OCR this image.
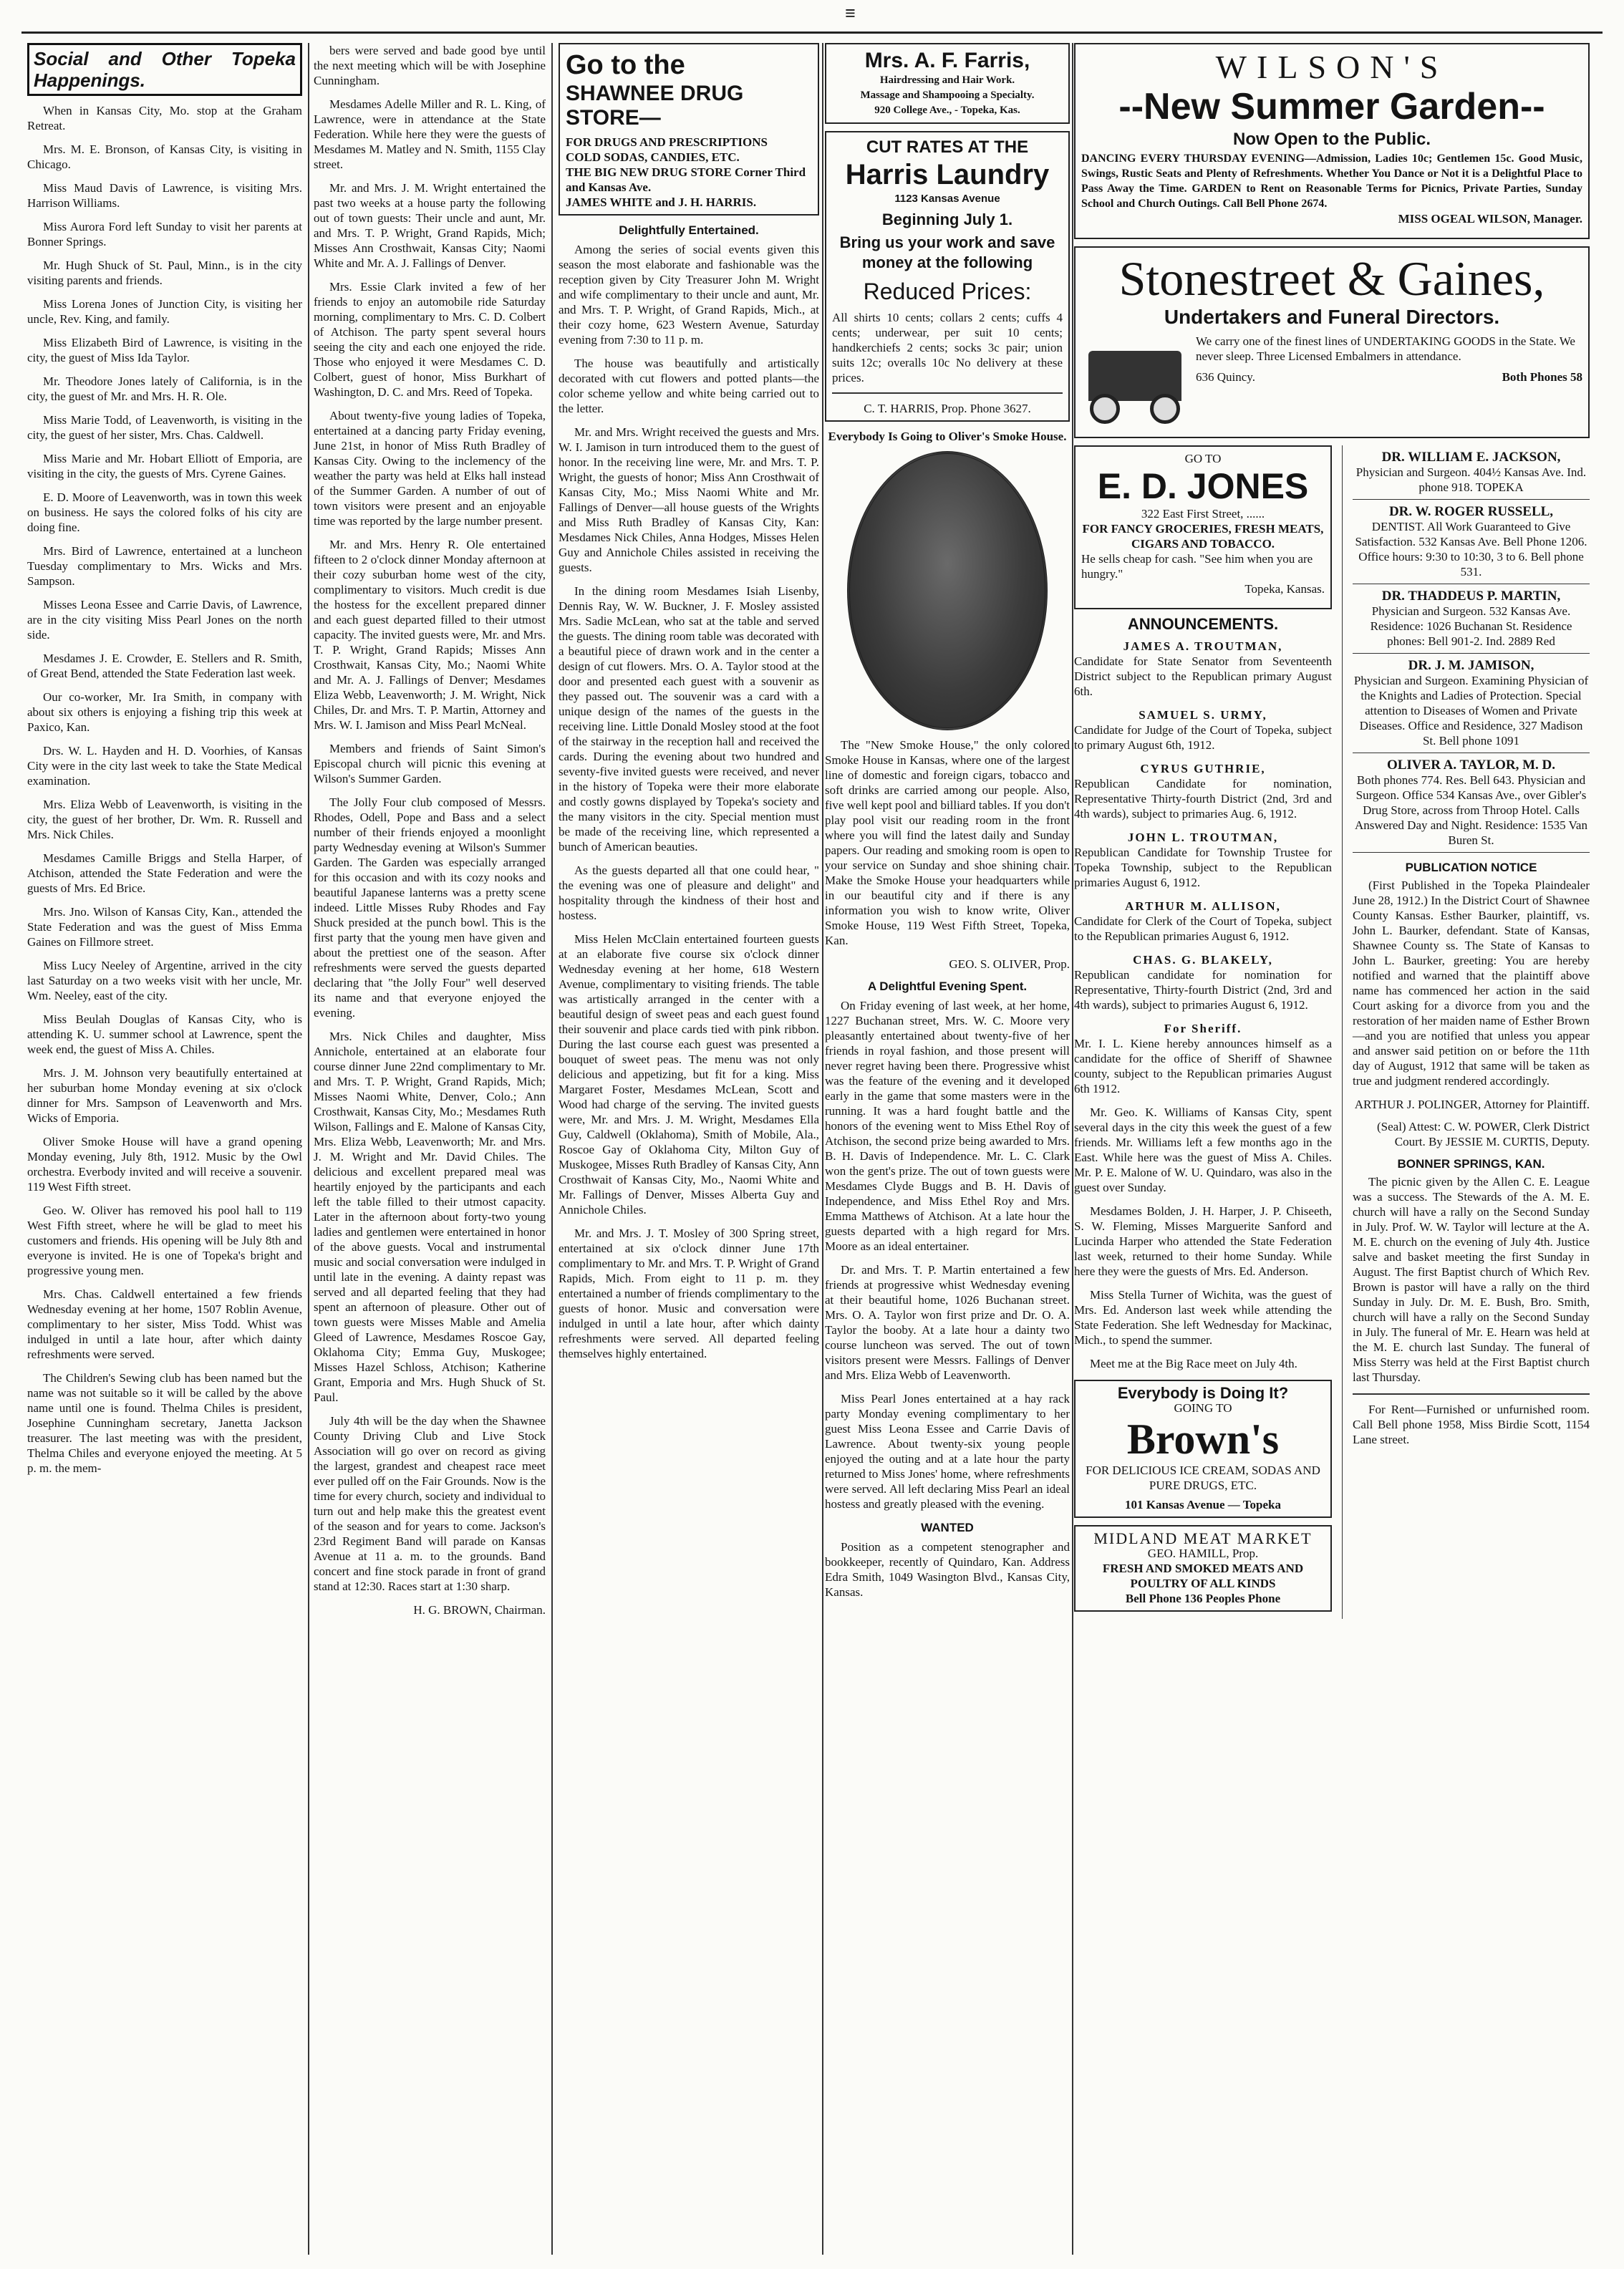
≡
Social and Other Topeka Happenings.

When in Kansas City, Mo. stop at the Graham Retreat.

Mrs. M. E. Bronson, of Kansas City, is visiting in Chicago.

Miss Maud Davis of Lawrence, is visiting Mrs. Harrison Williams.

Miss Aurora Ford left Sunday to visit her parents at Bonner Springs.

Mr. Hugh Shuck of St. Paul, Minn., is in the city visiting parents and friends.

Miss Lorena Jones of Junction City, is visiting her uncle, Rev. King, and family.

Miss Elizabeth Bird of Lawrence, is visiting in the city, the guest of Miss Ida Taylor.

Mr. Theodore Jones lately of California, is in the city, the guest of Mr. and Mrs. H. R. Ole.

Miss Marie Todd, of Leavenworth, is visiting in the city, the guest of her sister, Mrs. Chas. Caldwell.

Miss Marie and Mr. Hobart Elliott of Emporia, are visiting in the city, the guests of Mrs. Cyrene Gaines.

E. D. Moore of Leavenworth, was in town this week on business. He says the colored folks of his city are doing fine.

Mrs. Bird of Lawrence, entertained at a luncheon Tuesday complimentary to Mrs. Wicks and Mrs. Sampson.

Misses Leona Essee and Carrie Davis, of Lawrence, are in the city visiting Miss Pearl Jones on the north side.

Mesdames J. E. Crowder, E. Stellers and R. Smith, of Great Bend, attended the State Federation last week.

Our co-worker, Mr. Ira Smith, in company with about six others is enjoying a fishing trip this week at Paxico, Kan.

Drs. W. L. Hayden and H. D. Voorhies, of Kansas City were in the city last week to take the State Medical examination.

Mrs. Eliza Webb of Leavenworth, is visiting in the city, the guest of her brother, Dr. Wm. R. Russell and Mrs. Nick Chiles.

Mesdames Camille Briggs and Stella Harper, of Atchison, attended the State Federation and were the guests of Mrs. Ed Brice.

Mrs. Jno. Wilson of Kansas City, Kan., attended the State Federation and was the guest of Miss Emma Gaines on Fillmore street.

Miss Lucy Neeley of Argentine, arrived in the city last Saturday on a two weeks visit with her uncle, Mr. Wm. Neeley, east of the city.

Miss Beulah Douglas of Kansas City, who is attending K. U. summer school at Lawrence, spent the week end, the guest of Miss A. Chiles.

Mrs. J. M. Johnson very beautifully entertained at her suburban home Monday evening at six o'clock dinner for Mrs. Sampson of Leavenworth and Mrs. Wicks of Emporia.

Oliver Smoke House will have a grand opening Monday evening, July 8th, 1912. Music by the Owl orchestra. Everbody invited and will receive a souvenir. 119 West Fifth street.

Geo. W. Oliver has removed his pool hall to 119 West Fifth street, where he will be glad to meet his customers and friends. His opening will be July 8th and everyone is invited. He is one of Topeka's bright and progressive young men.

Mrs. Chas. Caldwell entertained a few friends Wednesday evening at her home, 1507 Roblin Avenue, complimentary to her sister, Miss Todd. Whist was indulged in until a late hour, after which dainty refreshments were served.

The Children's Sewing club has been named but the name was not suitable so it will be called by the above name until one is found. Thelma Chiles is president, Josephine Cunningham secretary, Janetta Jackson treasurer. The last meeting was with the president, Thelma Chiles and everyone enjoyed the meeting. At 5 p. m. the mem-

bers were served and bade good bye until the next meeting which will be with Josephine Cunningham.

Mesdames Adelle Miller and R. L. King, of Lawrence, were in attendance at the State Federation. While here they were the guests of Mesdames M. Matley and N. Smith, 1155 Clay street.

Mr. and Mrs. J. M. Wright entertained the past two weeks at a house party the following out of town guests: Their uncle and aunt, Mr. and Mrs. T. P. Wright, Grand Rapids, Mich; Misses Ann Crosthwait, Kansas City; Naomi White and Mr. A. J. Fallings of Denver.

Mrs. Essie Clark invited a few of her friends to enjoy an automobile ride Saturday morning, complimentary to Mrs. C. D. Colbert of Atchison. The party spent several hours seeing the city and each one enjoyed the ride. Those who enjoyed it were Mesdames C. D. Colbert, guest of honor, Miss Burkhart of Washington, D. C. and Mrs. Reed of Topeka.

About twenty-five young ladies of Topeka, entertained at a dancing party Friday evening, June 21st, in honor of Miss Ruth Bradley of Kansas City. Owing to the inclemency of the weather the party was held at Elks hall instead of the Summer Garden. A number of out of town visitors were present and an enjoyable time was reported by the large number present.

Mr. and Mrs. Henry R. Ole entertained fifteen to 2 o'clock dinner Monday afternoon at their cozy suburban home west of the city, complimentary to visitors. Much credit is due the hostess for the excellent prepared dinner and each guest departed filled to their utmost capacity. The invited guests were, Mr. and Mrs. T. P. Wright, Grand Rapids; Misses Ann Crosthwait, Kansas City, Mo.; Naomi White and Mr. A. J. Fallings of Denver; Mesdames Eliza Webb, Leavenworth; J. M. Wright, Nick Chiles, Dr. and Mrs. T. P. Martin, Attorney and Mrs. W. I. Jamison and Miss Pearl McNeal.

Members and friends of Saint Simon's Episcopal church will picnic this evening at Wilson's Summer Garden.

The Jolly Four club composed of Messrs. Rhodes, Odell, Pope and Bass and a select number of their friends enjoyed a moonlight party Wednesday evening at Wilson's Summer Garden. The Garden was especially arranged for this occasion and with its cozy nooks and beautiful Japanese lanterns was a pretty scene indeed. Little Misses Ruby Rhodes and Fay Shuck presided at the punch bowl. This is the first party that the young men have given and about the prettiest one of the season. After refreshments were served the guests departed declaring that "the Jolly Four" well deserved its name and that everyone enjoyed the evening.

Mrs. Nick Chiles and daughter, Miss Annichole, entertained at an elaborate four course dinner June 22nd complimentary to Mr. and Mrs. T. P. Wright, Grand Rapids, Mich; Misses Naomi White, Denver, Colo.; Ann Crosthwait, Kansas City, Mo.; Mesdames Ruth Wilson, Fallings and E. Malone of Kansas City, Mrs. Eliza Webb, Leavenworth; Mr. and Mrs. J. M. Wright and Mr. David Chiles. The delicious and excellent prepared meal was heartily enjoyed by the participants and each left the table filled to their utmost capacity. Later in the afternoon about forty-two young ladies and gentlemen were entertained in honor of the above guests. Vocal and instrumental music and social conversation were indulged in until late in the evening. A dainty repast was served and all departed feeling that they had spent an afternoon of pleasure. Other out of town guests were Misses Mable and Amelia Gleed of Lawrence, Mesdames Roscoe Gay, Oklahoma City; Emma Guy, Muskogee; Misses Hazel Schloss, Atchison; Katherine Grant, Emporia and Mrs. Hugh Shuck of St. Paul.

July 4th will be the day when the Shawnee County Driving Club and Live Stock Association will go over on record as giving the largest, grandest and cheapest race meet ever pulled off on the Fair Grounds. Now is the time for every church, society and individual to turn out and help make this the greatest event of the season and for years to come. Jackson's 23rd Regiment Band will parade on Kansas Avenue at 11 a. m. to the grounds. Band concert and fine stock parade in front of grand stand at 12:30. Races start at 1:30 sharp.

H. G. BROWN, Chairman.
Go to the
SHAWNEE DRUG STORE—
FOR DRUGS AND PRESCRIPTIONS
COLD SODAS, CANDIES, ETC.
THE BIG NEW DRUG STORE Corner Third and Kansas Ave.
JAMES WHITE and J. H. HARRIS.
Delightfully Entertained.

Among the series of social events given this season the most elaborate and fashionable was the reception given by City Treasurer John M. Wright and wife complimentary to their uncle and aunt, Mr. and Mrs. T. P. Wright, of Grand Rapids, Mich., at their cozy home, 623 Western Avenue, Saturday evening from 7:30 to 11 p. m.

The house was beautifully and artistically decorated with cut flowers and potted plants—the color scheme yellow and white being carried out to the letter.

Mr. and Mrs. Wright received the guests and Mrs. W. I. Jamison in turn introduced them to the guest of honor. In the receiving line were, Mr. and Mrs. T. P. Wright, the guests of honor; Miss Ann Crosthwait of Kansas City, Mo.; Miss Naomi White and Mr. Fallings of Denver—all house guests of the Wrights and Miss Ruth Bradley of Kansas City, Kan: Mesdames Nick Chiles, Anna Hodges, Misses Helen Guy and Annichole Chiles assisted in receiving the guests.

In the dining room Mesdames Isiah Lisenby, Dennis Ray, W. W. Buckner, J. F. Mosley assisted Mrs. Sadie McLean, who sat at the table and served the guests. The dining room table was decorated with a beautiful piece of drawn work and in the center a design of cut flowers. Mrs. O. A. Taylor stood at the door and presented each guest with a souvenir as they passed out. The souvenir was a card with a unique design of the names of the guests in the receiving line. Little Donald Mosley stood at the foot of the stairway in the reception hall and received the cards. During the evening about two hundred and seventy-five invited guests were received, and never in the history of Topeka were their more elaborate and costly gowns displayed by Topeka's society and the many visitors in the city. Special mention must be made of the receiving line, which represented a bunch of American beauties.

As the guests departed all that one could hear, " the evening was one of pleasure and delight" and hospitality through the kindness of their host and hostess.

Miss Helen McClain entertained fourteen guests at an elaborate five course six o'clock dinner Wednesday evening at her home, 618 Western Avenue, complimentary to visiting friends. The table was artistically arranged in the center with a beautiful design of sweet peas and each guest found their souvenir and place cards tied with pink ribbon. During the last course each guest was presented a bouquet of sweet peas. The menu was not only delicious and appetizing, but fit for a king. Miss Margaret Foster, Mesdames McLean, Scott and Wood had charge of the serving. The invited guests were, Mr. and Mrs. J. M. Wright, Mesdames Ella Guy, Caldwell (Oklahoma), Smith of Mobile, Ala., Roscoe Gay of Oklahoma City, Milton Guy of Muskogee, Misses Ruth Bradley of Kansas City, Ann Crosthwait of Kansas City, Mo., Naomi White and Mr. Fallings of Denver, Misses Alberta Guy and Annichole Chiles.

Mr. and Mrs. J. T. Mosley of 300 Spring street, entertained at six o'clock dinner June 17th complimentary to Mr. and Mrs. T. P. Wright of Grand Rapids, Mich. From eight to 11 p. m. they entertained a number of friends complimentary to the guests of honor. Music and conversation were indulged in until a late hour, after which dainty refreshments were served. All departed feeling themselves highly entertained.

Mrs. A. F. Farris,
Hairdressing and Hair Work.
Massage and Shampooing a Specialty.
920 College Ave., - Topeka, Kas.
CUT RATES AT THE
Harris Laundry
1123 Kansas Avenue
Beginning July 1.
Bring us your work and save money at the following
Reduced Prices:
All shirts 10 cents; collars 2 cents; cuffs 4 cents; underwear, per suit 10 cents; handkerchiefs 2 cents; socks 3c pair; union suits 12c; overalls 10c No delivery at these prices.
C. T. HARRIS, Prop. Phone 3627.
Everybody Is Going to Oliver's Smoke House.

The "New Smoke House," the only colored Smoke House in Kansas, where one of the largest line of domestic and foreign cigars, tobacco and soft drinks are carried among our people. Also, five well kept pool and billiard tables. If you don't play pool visit our reading room in the front where you will find the latest daily and Sunday papers. Our reading and smoking room is open to your service on Sunday and shoe shining chair. Make the Smoke House your headquarters while in our beautiful city and if there is any information you wish to know write, Oliver Smoke House, 119 West Fifth Street, Topeka, Kan.

GEO. S. OLIVER, Prop.
A Delightful Evening Spent.

On Friday evening of last week, at her home, 1227 Buchanan street, Mrs. W. C. Moore very pleasantly entertained about twenty-five of her friends in royal fashion, and those present will never regret having been there. Progressive whist was the feature of the evening and it developed early in the game that some masters were in the running. It was a hard fought battle and the honors of the evening went to Miss Ethel Roy of Atchison, the second prize being awarded to Mrs. B. H. Davis of Independence. Mr. L. C. Clark won the gent's prize. The out of town guests were Mesdames Clyde Buggs and B. H. Davis of Independence, and Miss Ethel Roy and Mrs. Emma Matthews of Atchison. At a late hour the guests departed with a high regard for Mrs. Moore as an ideal entertainer.

Dr. and Mrs. T. P. Martin entertained a few friends at progressive whist Wednesday evening at their beautiful home, 1026 Buchanan street. Mrs. O. A. Taylor won first prize and Dr. O. A. Taylor the booby. At a late hour a dainty two course luncheon was served. The out of town visitors present were Messrs. Fallings of Denver and Mrs. Eliza Webb of Leavenworth.

Miss Pearl Jones entertained at a hay rack party Monday evening complimentary to her guest Miss Leona Essee and Carrie Davis of Lawrence. About twenty-six young people enjoyed the outing and at a late hour the party returned to Miss Jones' home, where refreshments were served. All left declaring Miss Pearl an ideal hostess and greatly pleased with the evening.

WANTED

Position as a competent stenographer and bookkeeper, recently of Quindaro, Kan. Address Edra Smith, 1049 Wasington Blvd., Kansas City, Kansas.

WILSON'S
--New Summer Garden--
Now Open to the Public.
DANCING EVERY THURSDAY EVENING—Admission, Ladies 10c; Gentlemen 15c. Good Music, Swings, Rustic Seats and Plenty of Refreshments. Whether You Dance or Not it is a Delightful Place to Pass Away the Time. GARDEN to Rent on Reasonable Terms for Picnics, Private Parties, Sunday School and Church Outings. Call Bell Phone 2674.
MISS OGEAL WILSON, Manager.
Stonestreet & Gaines,
Undertakers and Funeral Directors.
We carry one of the finest lines of UNDERTAKING GOODS in the State. We never sleep. Three Licensed Embalmers in attendance.
636 Quincy.	Both Phones 58
GO TO
E. D. JONES
322 East First Street, ......
FOR FANCY GROCERIES, FRESH MEATS, CIGARS AND TOBACCO.
He sells cheap for cash. "See him when you are hungry."
Topeka, Kansas.
ANNOUNCEMENTS.
JAMES A. TROUTMAN,
Candidate for State Senator from Seventeenth District subject to the Republican primary August 6th.
SAMUEL S. URMY,
Candidate for Judge of the Court of Topeka, subject to primary August 6th, 1912.
CYRUS GUTHRIE,
Republican Candidate for nomination, Representative Thirty-fourth District (2nd, 3rd and 4th wards), subject to primaries Aug. 6, 1912.
JOHN L. TROUTMAN,
Republican Candidate for Township Trustee for Topeka Township, subject to the Republican primaries August 6, 1912.
ARTHUR M. ALLISON,
Candidate for Clerk of the Court of Topeka, subject to the Republican primaries August 6, 1912.
CHAS. G. BLAKELY,
Republican candidate for nomination for Representative, Thirty-fourth District (2nd, 3rd and 4th wards), subject to primaries August 6, 1912.
For Sheriff.
Mr. I. L. Kiene hereby announces himself as a candidate for the office of Sheriff of Shawnee county, subject to the Republican primaries August 6th 1912.

Mr. Geo. K. Williams of Kansas City, spent several days in the city this week the guest of a few friends. Mr. Williams left a few months ago in the East. While here was the guest of Miss A. Chiles. Mr. P. E. Malone of W. U. Quindaro, was also in the guest over Sunday.

Mesdames Bolden, J. H. Harper, J. P. Chiseeth, S. W. Fleming, Misses Marguerite Sanford and Lucinda Harper who attended the State Federation last week, returned to their home Sunday. While here they were the guests of Mrs. Ed. Anderson.

Miss Stella Turner of Wichita, was the guest of Mrs. Ed. Anderson last week while attending the State Federation. She left Wednesday for Mackinac, Mich., to spend the summer.

Meet me at the Big Race meet on July 4th.

Everybody is Doing It?
GOING TO
Brown's
FOR DELICIOUS ICE CREAM, SODAS AND PURE DRUGS, ETC.
101 Kansas Avenue — Topeka
MIDLAND MEAT MARKET
GEO. HAMILL, Prop.
FRESH AND SMOKED MEATS AND POULTRY OF ALL KINDS
Bell Phone 136 Peoples Phone
DR. WILLIAM E. JACKSON,
Physician and Surgeon. 404½ Kansas Ave. Ind. phone 918. TOPEKA
DR. W. ROGER RUSSELL,
DENTIST. All Work Guaranteed to Give Satisfaction. 532 Kansas Ave. Bell Phone 1206. Office hours: 9:30 to 10:30, 3 to 6. Bell phone 531.
DR. THADDEUS P. MARTIN,
Physician and Surgeon. 532 Kansas Ave. Residence: 1026 Buchanan St. Residence phones: Bell 901-2. Ind. 2889 Red
DR. J. M. JAMISON,
Physician and Surgeon. Examining Physician of the Knights and Ladies of Protection. Special attention to Diseases of Women and Private Diseases. Office and Residence, 327 Madison St. Bell phone 1091
OLIVER A. TAYLOR, M. D.
Both phones 774. Res. Bell 643. Physician and Surgeon. Office 534 Kansas Ave., over Gibler's Drug Store, across from Throop Hotel. Calls Answered Day and Night. Residence: 1535 Van Buren St.
PUBLICATION NOTICE

(First Published in the Topeka Plaindealer June 28, 1912.) In the District Court of Shawnee County Kansas. Esther Baurker, plaintiff, vs. John L. Baurker, defendant. State of Kansas, Shawnee County ss. The State of Kansas to John L. Baurker, greeting: You are hereby notified and warned that the plaintiff above name has commenced her action in the said Court asking for a divorce from you and the restoration of her maiden name of Esther Brown—and you are notified that unless you appear and answer said petition on or before the 11th day of August, 1912 that same will be taken as true and judgment rendered accordingly.

ARTHUR J. POLINGER, Attorney for Plaintiff.
(Seal) Attest: C. W. POWER, Clerk District Court. By JESSIE M. CURTIS, Deputy.
BONNER SPRINGS, KAN.

The picnic given by the Allen C. E. League was a success. The Stewards of the A. M. E. church will have a rally on the Second Sunday in July. Prof. W. W. Taylor will lecture at the A. M. E. church on the evening of July 4th. Justice salve and basket meeting the first Sunday in August. The first Baptist church of Which Rev. Brown is pastor will have a rally on the third Sunday in July. Dr. M. E. Bush, Bro. Smith, church will have a rally on the Second Sunday in July. The funeral of Mr. E. Hearn was held at the M. E. church last Sunday. The funeral of Miss Sterry was held at the First Baptist church last Thursday.

For Rent—Furnished or unfurnished room. Call Bell phone 1958, Miss Birdie Scott, 1154 Lane street.
